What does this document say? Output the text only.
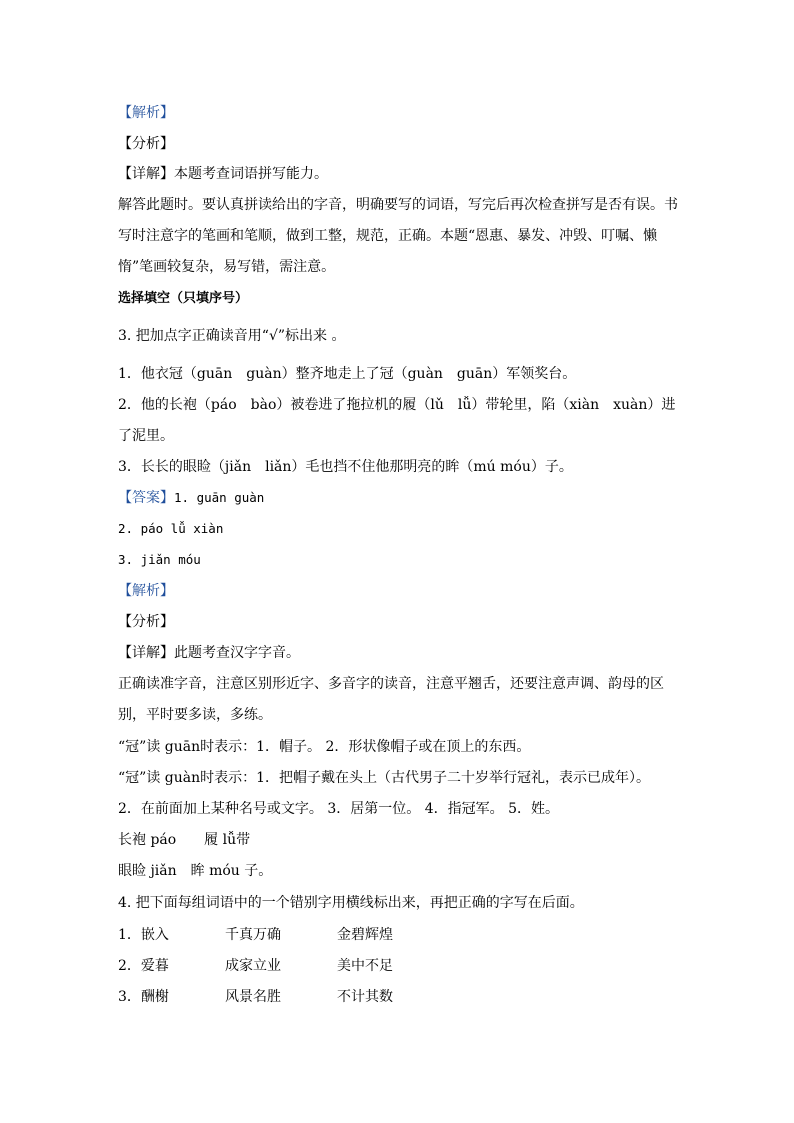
【解析】
【分析】
【详解】本题考查词语拼写能力。
解答此题时。要认真拼读给出的字音，明确要写的词语，写完后再次检查拼写是否有误。书写时注意字的笔画和笔顺，做到工整，规范，正确。本题“恩惠、暴发、冲毁、叮嘱、懒惰”笔画较复杂，易写错，需注意。
选择填空（只填序号）
3. 把加点字正确读音用“√”标出来 。
1．他衣冠（guān　guàn）整齐地走上了冠（guàn　guān）军领奖台。
2．他的长袍（páo　bào）被卷进了拖拉机的履（lǔ　lǚ）带轮里，陷（xiàn　xuàn）进
了泥里。
3．长长的眼睑（jiǎn　liǎn）毛也挡不住他那明亮的眸（mú móu）子。
【答案】1. guān guàn
2. páo lǚ xiàn
3. jiǎn móu
【解析】
【分析】
【详解】此题考查汉字字音。
正确读准字音，注意区别形近字、多音字的读音，注意平翘舌，还要注意声调、韵母的区别，平时要多读，多练。
“冠”读 guān时表示：1．帽子。 2．形状像帽子或在顶上的东西。
“冠”读 guàn时表示：1．把帽子戴在头上（古代男子二十岁举行冠礼，表示已成年）。
2．在前面加上某种名号或文字。 3．居第一位。 4．指冠军。 5．姓。
长袍 páo　　履 lǚ带
眼睑 jiǎn　眸 móu 子。
4. 把下面每组词语中的一个错别字用横线标出来，再把正确的字写在后面。
1．嵌入	千真万确	金碧辉煌
2．爱暮	成家立业	美中不足
3．酬榭	风景名胜	不计其数
